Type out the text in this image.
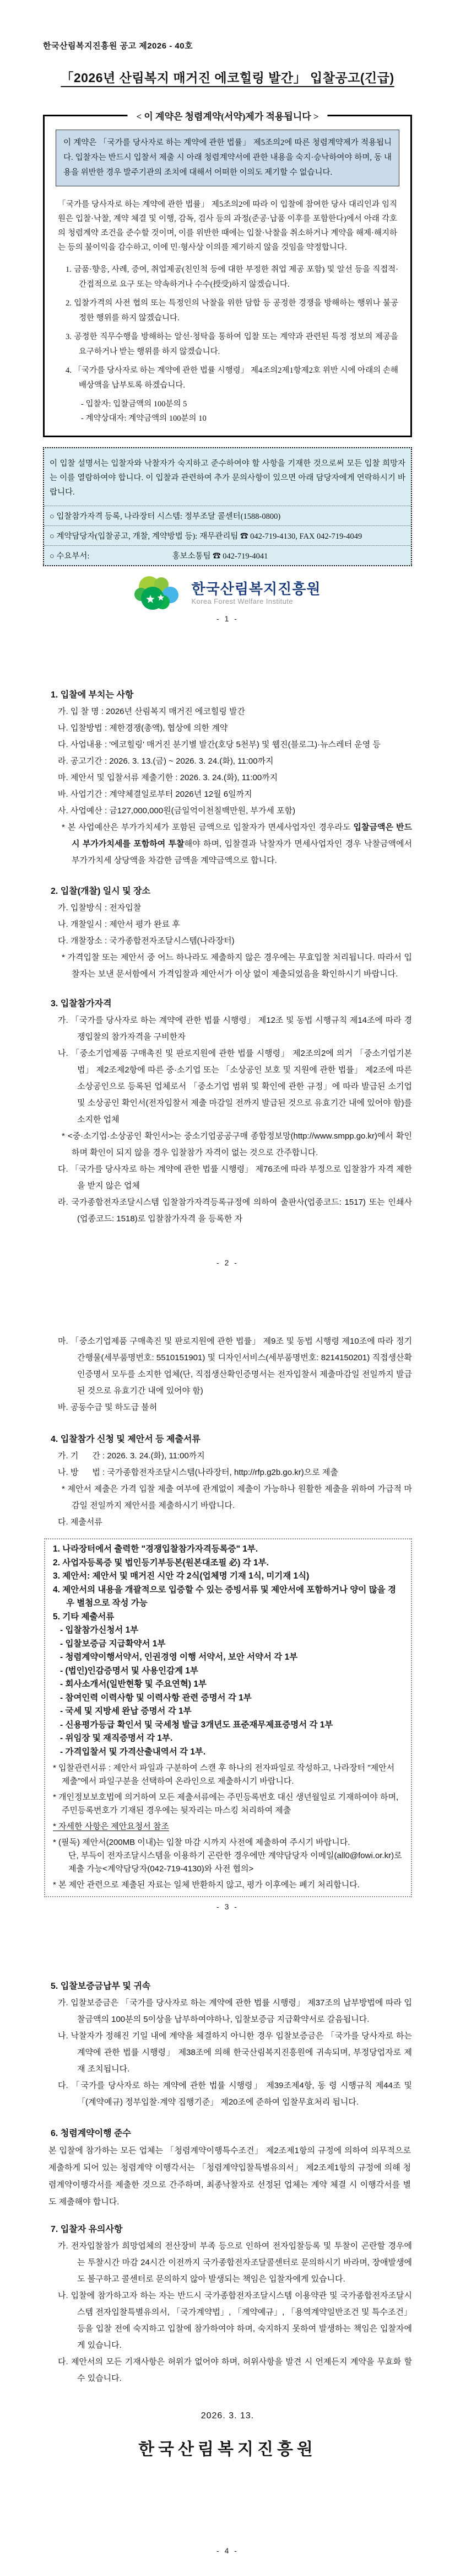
한국산림복지진흥원 공고 제2026 - 40호
「2026년 산림복지 매거진 에코힐링 발간」 입찰공고(긴급)
< 이 계약은 청렴계약(서약)제가 적용됩니다 >
이 계약은 「국가를 당사자로 하는 계약에 관한 법률」 제5조의2에 따른 청렴계약제가 적용됩니다. 입찰자는 반드시 입찰서 제출 시 아래 청렴계약서에 관한 내용을 숙지·승낙하여야 하며, 동 내용을 위반한 경우 발주기관의 조치에 대해서 어떠한 이의도 제기할 수 없습니다.

「국가를 당사자로 하는 계약에 관한 법률」 제5조의2에 따라 이 입찰에 참여한 당사 대리인과 임직원은 입찰·낙찰, 계약 체결 및 이행, 감독, 검사 등의 과정(준공·납품 이후를 포함한다)에서 아래 각호의 청렴계약 조건을 준수할 것이며, 이를 위반한 때에는 입찰·낙찰을 취소하거나 계약을 해제·해지하는 등의 불이익을 감수하고, 이에 민·형사상 이의를 제기하지 않을 것임을 약정합니다.

1. 금품·향응, 사례, 증여, 취업제공(친인척 등에 대한 부정한 취업 제공 포함) 및 알선 등을 직접적·간접적으로 요구 또는 약속하거나 수수(授受)하지 않겠습니다.
2. 입찰가격의 사전 협의 또는 특정인의 낙찰을 위한 담합 등 공정한 경쟁을 방해하는 행위나 불공정한 행위를 하지 않겠습니다.
3. 공정한 직무수행을 방해하는 알선·청탁을 통하여 입찰 또는 계약과 관련된 특정 정보의 제공을 요구하거나 받는 행위를 하지 않겠습니다.
4. 「국가를 당사자로 하는 계약에 관한 법률 시행령」 제4조의2제1항제2호 위반 시에 아래의 손해배상액을 납부토록 하겠습니다.
- 입찰자: 입찰금액의 100분의 5
- 계약상대자: 계약금액의 100분의 10

이 입찰 설명서는 입찰자와 낙찰자가 숙지하고 준수하여야 할 사항을 기재한 것으로써 모든 입찰 희망자는 이를 열람하여야 합니다. 이 입찰과 관련하여 추가 문의사항이 있으면 아래 담당자에게 연락하시기 바랍니다.

○ 입찰참가자격 등록, 나라장터 시스템: 정부조달 콜센터(1588-0800)
○ 계약담당자(입찰공고, 개찰, 계약방법 등): 재무관리팀 ☎ 042-719-4130, FAX 042-719-4049
○ 수요부서:	홍보소통팀 ☎ 042-719-4041
한국산림복지진흥원
Korea Forest Welfare Institute
- 1 -
1. 입찰에 부치는 사항
가. 입 찰 명 : 2026년 산림복지 매거진 에코힐링 발간
나. 입찰방법 : 제한경쟁(총액), 협상에 의한 계약
다. 사업내용 : '에코힐링' 매거진 분기별 발간(호당 5천부) 및 웹진(블로그)·뉴스레터 운영 등
라. 공고기간 : 2026. 3. 13.(금) ~ 2026. 3. 24.(화), 11:00까지
마. 제안서 및 입찰서류 제출기한 : 2026. 3. 24.(화), 11:00까지
바. 사업기간 : 계약체결일로부터 2026년 12월 6일까지
사. 사업예산 : 금127,000,000원(금일억이천칠백만원, 부가세 포함)
* 본 사업예산은 부가가치세가 포함된 금액으로 입찰자가 면세사업자인 경우라도 입찰금액은 반드시 부가가치세를 포함하여 투찰해야 하며, 입찰결과 낙찰자가 면세사업자인 경우 낙찰금액에서 부가가치세 상당액을 차감한 금액을 계약금액으로 합니다.
2. 입찰(개찰) 일시 및 장소
가. 입찰방식 : 전자입찰
나. 개찰일시 : 제안서 평가 완료 후
다. 개찰장소 : 국가종합전자조달시스템(나라장터)
* 가격입찰 또는 제안서 중 어느 하나라도 제출하지 않은 경우에는 무효입찰 처리됩니다. 따라서 입찰자는 보낸 문서함에서 가격입찰과 제안서가 이상 없이 제출되었음을 확인하시기 바랍니다.
3. 입찰참가자격
가. 「국가를 당사자로 하는 계약에 관한 법률 시행령」 제12조 및 동법 시행규칙 제14조에 따라 경쟁입찰의 참가자격을 구비한자
나. 「중소기업제품 구매촉진 및 판로지원에 관한 법률 시행령」 제2조의2에 의거 「중소기업기본법」 제2조제2항에 따른 중·소기업 또는 「소상공인 보호 및 지원에 관한 법률」 제2조에 따른 소상공인으로 등록된 업체로서 「중소기업 범위 및 확인에 관한 규정」에 따라 발급된 소기업 및 소상공인 확인서(전자입찰서 제출 마감일 전까지 발급된 것으로 유효기간 내에 있어야 함)를 소지한 업체
* <중·소기업·소상공인 확인서>는 중소기업공공구매 종합정보망(http://www.smpp.go.kr)에서 확인하며 확인이 되지 않을 경우 입찰참가 자격이 없는 것으로 간주합니다.
다. 「국가를 당사자로 하는 계약에 관한 법률 시행령」 제76조에 따라 부정으로 입찰참가 자격 제한을 받지 않은 업체
라. 국가종합전자조달시스템 입찰참가자격등록규정에 의하여 출판사(업종코드: 1517) 또는 인쇄사(업종코드: 1518)로 입찰참가자격 을 등록한 자
- 2 -
마. 「중소기업제품 구매촉진 및 판로지원에 관한 법률」 제9조 및 동법 시행령 제10조에 따라 정기간행물(세부품명번호: 5510151901) 및 디자인서비스(세부품명번호: 8214150201) 직접생산확인증명서 모두를 소지한 업체(단, 직접생산확인증명서는 전자입찰서 제출마감일 전일까지 발급된 것으로 유효기간 내에 있어야 함)
바. 공동수급 및 하도급 불허
4. 입찰참가 신청 및 제안서 등 제출서류
가. 기      간 : 2026. 3. 24.(화), 11:00까지
나. 방      법 : 국가종합전자조달시스템(나라장터, http://rfp.g2b.go.kr)으로 제출
* 제안서 제출은 가격 입찰 제출 여부에 관계없이 제출이 가능하나 원활한 제출을 위하여 가급적 마감일 전일까지 제안서를 제출하시기 바랍니다.
다. 제출서류
1. 나라장터에서 출력한 "경쟁입찰참가자격등록증" 1부.
2. 사업자등록증 및 법인등기부등본(원본대조필 必) 각 1부.
3. 제안서: 제안서 및 매거진 시안 각 2식(업체명 기재 1식, 미기재 1식)
4. 제안서의 내용을 개괄적으로 입증할 수 있는 증빙서류 및 제안서에 포함하거나 양이 많을 경우 별첨으로 작성 가능
5. 기타 제출서류
- 입찰참가신청서 1부
- 입찰보증금 지급확약서 1부
- 청렴계약이행서약서, 인권경영 이행 서약서, 보안 서약서 각 1부
- (법인)인감증명서 및 사용인감계 1부
- 회사소개서(일반현황 및 주요연혁) 1부
- 참여인력 이력사항 및 이력사항 관련 증명서 각 1부
- 국세 및 지방세 완납 증명서 각 1부
- 신용평가등급 확인서 및 국세청 발급 3개년도 표준재무제표증명서 각 1부
- 위임장 및 재직증명서 각 1부.
- 가격입찰서 및 가격산출내역서 각 1부.
* 입찰관련서류 : 제안서 파일과 구분하여 스캔 후 하나의 전자파일로 작성하고, 나라장터 "제안서 제출"에서 파일구분을 선택하여 온라인으로 제출하시기 바랍니다.
* 개인정보보호법에 의거하여 모든 제출서류에는 주민등록번호 대신 생년월일로 기재하여야 하며, 주민등록번호가 기재된 경우에는 뒷자리는 마스킹 처리하여 제출
* 자세한 사항은 제안요청서 참조
* (필독) 제안서(200MB 이내)는 입찰 마감 시까지 사전에 제출하여 주시기 바랍니다.
단, 부득이 전자조달시스템을 이용하기 곤란한 경우에만 계약담당자 이메일(all0@fowi.or.kr)로 제출 가능<계약담당자(042-719-4130)와 사전 협의>
* 본 제안 관련으로 제출된 자료는 일체 반환하지 않고, 평가 이후에는 폐기 처리합니다.
- 3 -
5. 입찰보증금납부 및 귀속
가. 입찰보증금은 「국가를 당사자로 하는 계약에 관한 법률 시행령」 제37조의 납부방법에 따라 입찰금액의 100분의 5이상을 납부하여야하나, 입찰보증금 지급확약서로 갈음됩니다.
나. 낙찰자가 정해진 기일 내에 계약을 체결하지 아니한 경우 입찰보증금은 「국가를 당사자로 하는 계약에 관한 법률 시행령」 제38조에 의해 한국산림복지진흥원에 귀속되며, 부정당업자로 제재 조치됩니다.
다. 「국가를 당사자로 하는 계약에 관한 법률 시행령」 제39조제4항, 동 령 시행규칙 제44조 및 「(계약예규) 정부입찰·계약 집행기준」 제20조에 준하여 입찰무효처리 됩니다.
6. 청렴계약이행 준수

본 입찰에 참가하는 모든 업체는 「청렴계약이행특수조건」 제2조제1항의 규정에 의하여 의무적으로 제출하게 되어 있는 청렴계약 이행각서는 「청렴계약입찰특별유의서」 제2조제1항의 규정에 의해 청렴계약이행각서를 제출한 것으로 간주하며, 최종낙찰자로 선정된 업체는 계약 체결 시 이행각서를 별도 제출해야 합니다.

7. 입찰자 유의사항
가. 전자입찰참가 희망업체의 전산장비 부족 등으로 인하여 전자입찰등록 및 투찰이 곤란할 경우에는 투찰시간 마감 24시간 이전까지 국가종합전자조달콜센터로 문의하시기 바라며, 장애발생에도 불구하고 콜센터로 문의하지 않아 발생되는 책임은 입찰자에게 있습니다.
나. 입찰에 참가하고자 하는 자는 반드시 국가종합전자조달시스템 이용약관 및 국가종합전자조달시스템 전자입찰특별유의서, 「국가계약법」, 「계약예규」, 「용역계약일반조건 및 특수조건」 등을 입찰 전에 숙지하고 입찰에 참가하여야 하며, 숙지하지 못하여 발생하는 책임은 입찰자에게 있습니다.
다. 제안서의 모든 기재사항은 허위가 없어야 하며, 허위사항을 발견 시 언제든지 계약을 무효화 할 수 있습니다.
2026. 3. 13.
한국산림복지진흥원
- 4 -
